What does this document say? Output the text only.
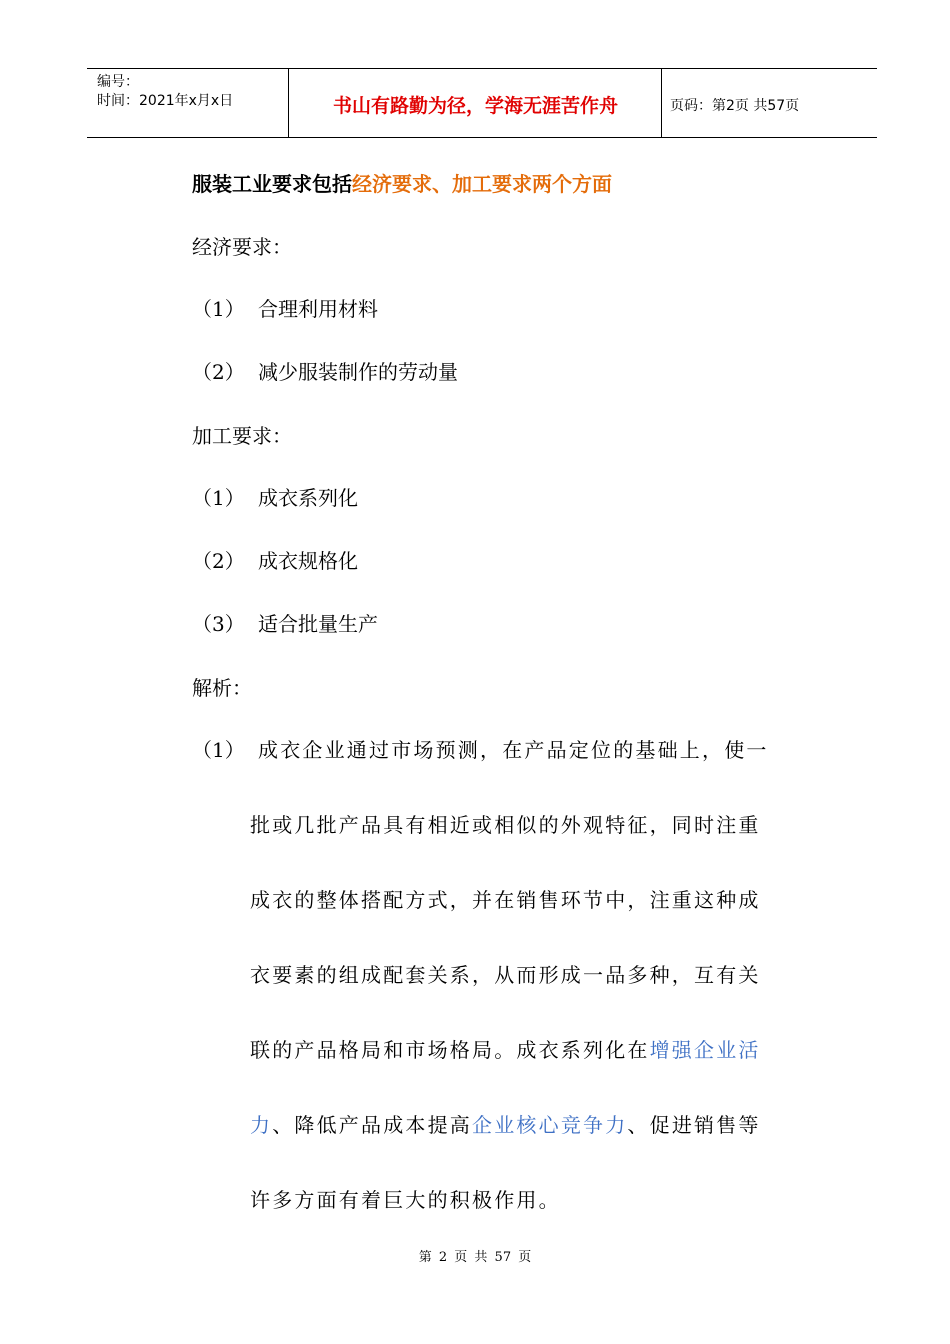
编号：
时间：2021年x月x日	书山有路勤为径，学海无涯苦作舟	页码：第2页 共57页
服装工业要求包括经济要求、加工要求两个方面
经济要求：
（1） 合理利用材料
（2） 减少服装制作的劳动量
加工要求：
（1） 成衣系列化
（2） 成衣规格化
（3） 适合批量生产
解析：
（1） 成衣企业通过市场预测，在产品定位的基础上，使一
批或几批产品具有相近或相似的外观特征，同时注重
成衣的整体搭配方式，并在销售环节中，注重这种成
衣要素的组成配套关系，从而形成一品多种，互有关
联的产品格局和市场格局。成衣系列化在增强企业活
力、降低产品成本提高企业核心竞争力、促进销售等
许多方面有着巨大的积极作用。
第 2 页 共 57 页
